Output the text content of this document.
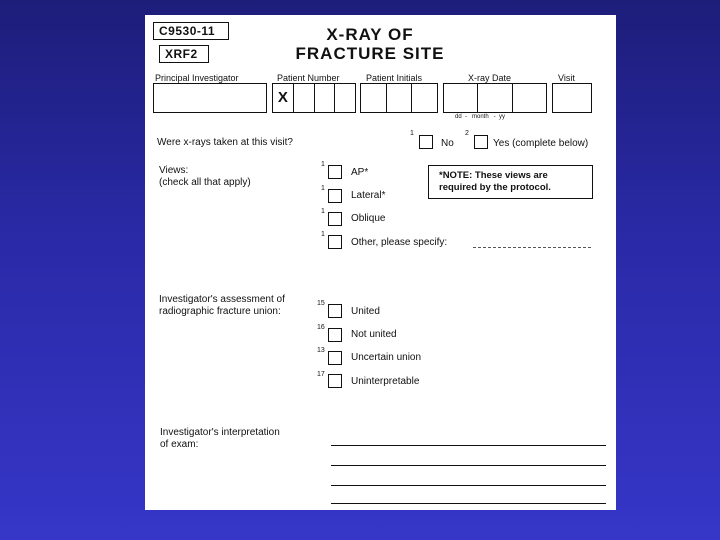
C9530-11
XRF2
X-RAY OF
FRACTURE SITE
Principal Investigator	Patient Number	Patient Initials	X-ray Date	Visit
X
dd  -   month   -  yy
Were x-rays taken at this visit?
1
No
2
Yes (complete below)
Views:
(check all that apply)
1
AP*
1
Lateral*
1
Oblique
1
Other, please specify:
*NOTE: These views are
required by the protocol.
Investigator's assessment of
radiographic fracture union:
15
United
16
Not united
13
Uncertain union
17
Uninterpretable
Investigator's interpretation
of exam:
